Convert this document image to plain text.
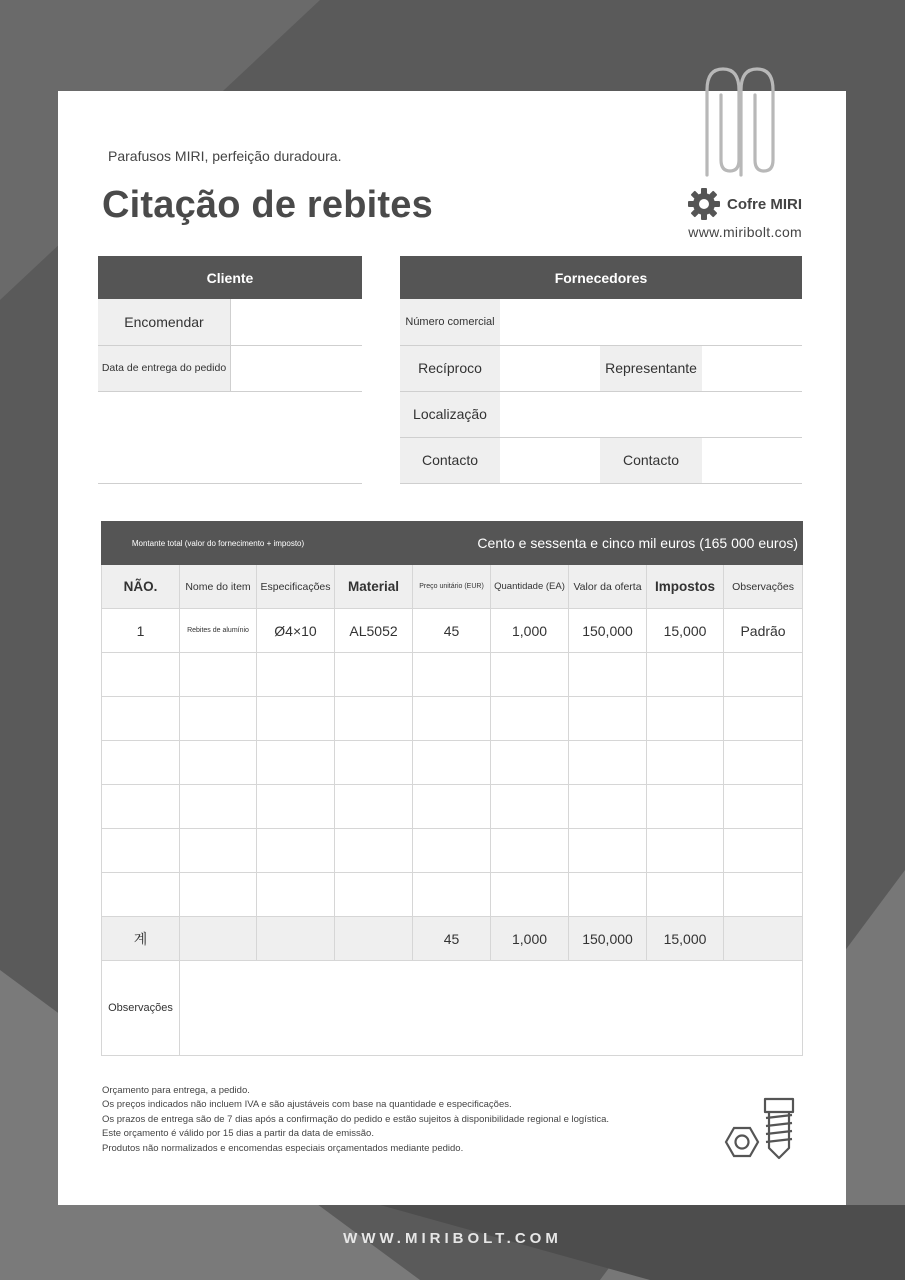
Parafusos MIRI, perfeição duradoura.
Citação de rebites	Cofre MIRI
www.miribolt.com
Cliente
Encomendar
Data de entrega do pedido
Fornecedores
Número comercial
Recíproco	Representante
Localização
Contacto	Contacto
Montante total (valor do fornecimento + imposto)			Cento e sessenta e cinco mil euros (165 000 euros)					
NÃO.	Nome do item	Especificações	Material	Preço unitário (EUR)	Quantidade (EA)	Valor da oferta	Impostos	Observações
1	Rebites de alumínio	Ø4×10	AL5052	45	1,000	150,000	15,000	Padrão

계				45	1,000	150,000	15,000	
Observações								
Orçamento para entrega, a pedido.
Os preços indicados não incluem IVA e são ajustáveis com base na quantidade e especificações.
Os prazos de entrega são de 7 dias após a confirmação do pedido e estão sujeitos à disponibilidade regional e logística.
Este orçamento é válido por 15 dias a partir da data de emissão.
Produtos não normalizados e encomendas especiais orçamentados mediante pedido.
WWW.MIRIBOLT.COM
